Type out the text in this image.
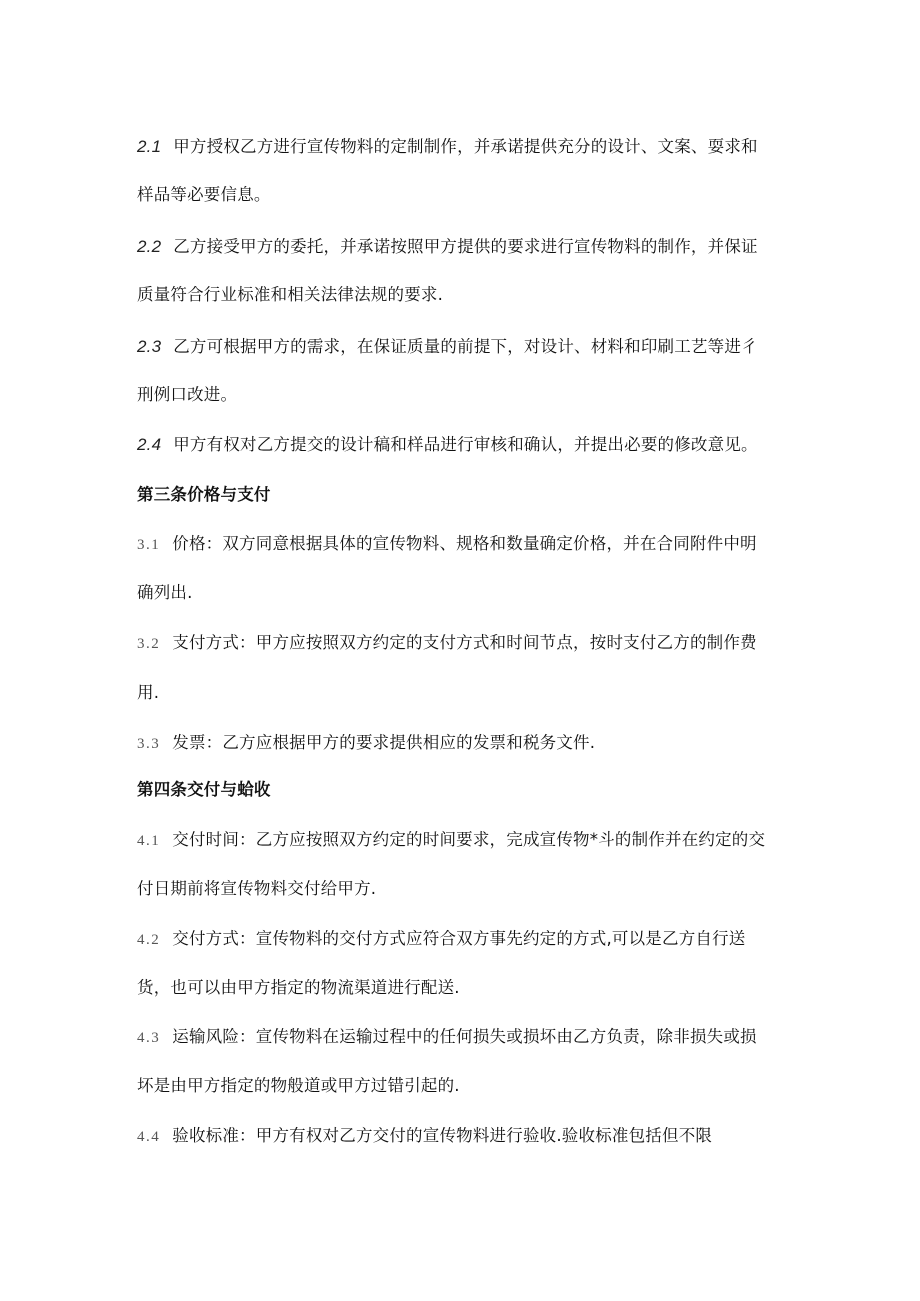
2.1 甲方授权乙方进行宣传物料的定制制作，并承诺提供充分的设计、文案、耍求和
样品等必要信息。
2.2 乙方接受甲方的委托，并承诺按照甲方提供的要求进行宣传物料的制作，并保证
质量符合行业标准和相关法律法规的要求.
2.3 乙方可根据甲方的需求，在保证质量的前提下，对设计、材料和印刷工艺等进彳
刑例口改进。
2.4 甲方有权对乙方提交的设计稿和样品进行审核和确认，并提出必要的修改意见。
第三条价格与支付
3.1 价格：双方同意根据具体的宣传物料、规格和数量确定价格，并在合同附件中明
确列出.
3.2 支付方式：甲方应按照双方约定的支付方式和时间节点，按时支付乙方的制作费
用.
3.3 发票：乙方应根据甲方的要求提供相应的发票和税务文件.
第四条交付与蛤收
4.1 交付时间：乙方应按照双方约定的时间要求，完成宣传物*斗的制作并在约定的交
付日期前将宣传物料交付给甲方.
4.2 交付方式：宣传物料的交付方式应符合双方事先约定的方式,可以是乙方自行送
货，也可以由甲方指定的物流渠道进行配送.
4.3 运输风险：宣传物料在运输过程中的任何损失或损坏由乙方负责，除非损失或损
坏是由甲方指定的物般道或甲方过错引起的.
4.4 验收标准：甲方有权对乙方交付的宣传物料进行验收.验收标准包括但不限
